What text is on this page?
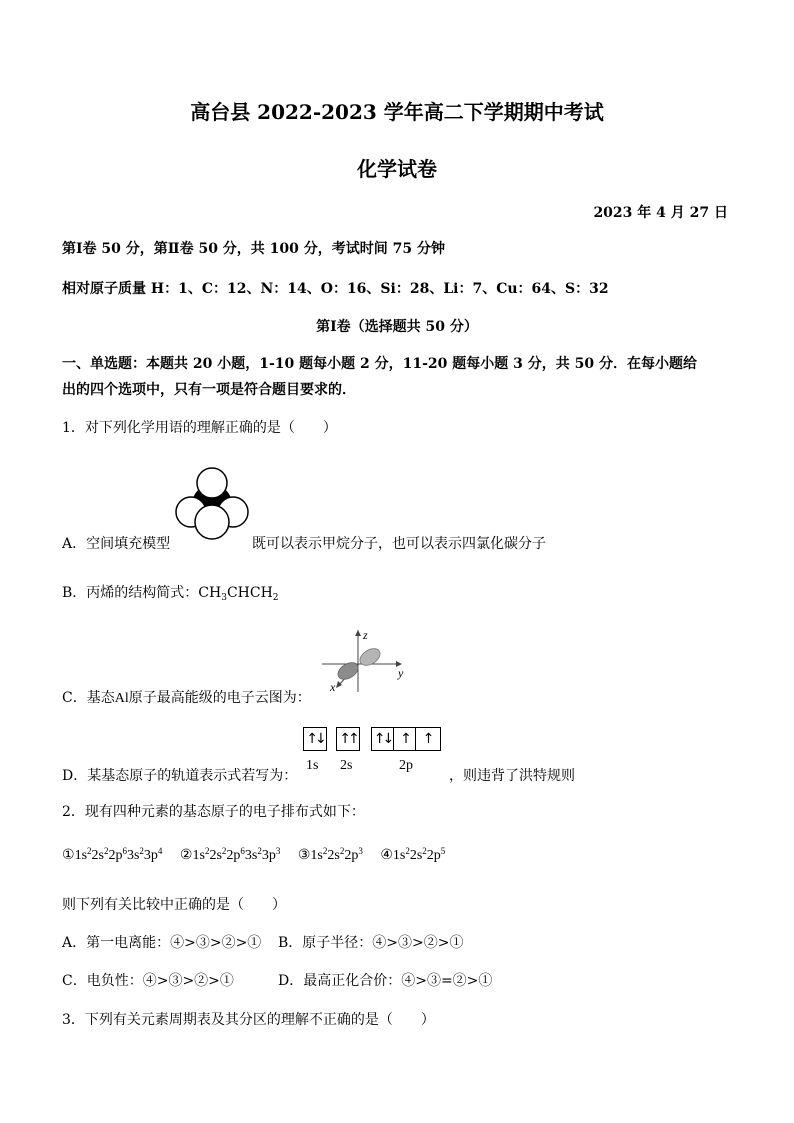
高台县 2022-2023 学年高二下学期期中考试
化学试卷
2023 年 4 月 27 日
第Ⅰ卷 50 分，第Ⅱ卷 50 分，共 100 分，考试时间 75 分钟
相对原子质量 H：1、C：12、N：14、O：16、Si：28、Li：7、Cu：64、S：32
第Ⅰ卷（选择题共 50 分）
一、单选题：本题共 20 小题，1-10 题每小题 2 分，11-20 题每小题 3 分，共 50 分．在每小题给
出的四个选项中，只有一项是符合题目要求的．
1．对下列化学用语的理解正确的是（　　）
A．空间填充模型	既可以表示甲烷分子，也可以表示四氯化碳分子
B．丙烯的结构简式：$CH_3CHCH_2$
z
y
x
C．基态Al原子最高能级的电子云图为：
↑↓ ↑↑ ↑↓ ↑ ↑
1s 2s	2p
D．某基态原子的轨道表示式若写为：	，则违背了洪特规则
2．现有四种元素的基态原子的电子排布式如下：
$①1s^22s^22p^63s^23p^4$ $②1s^22s^22p^63s^23p^3$ $③1s^22s^22p^3$ $④1s^22s^22p^5$
则下列有关比较中正确的是（　　）
A．第一电离能：④>③>②>① B．原子半径：④>③>②>①
C．电负性：④>③>②>①	D．最高正化合价：④>③=②>①
3．下列有关元素周期表及其分区的理解不正确的是（　　）
